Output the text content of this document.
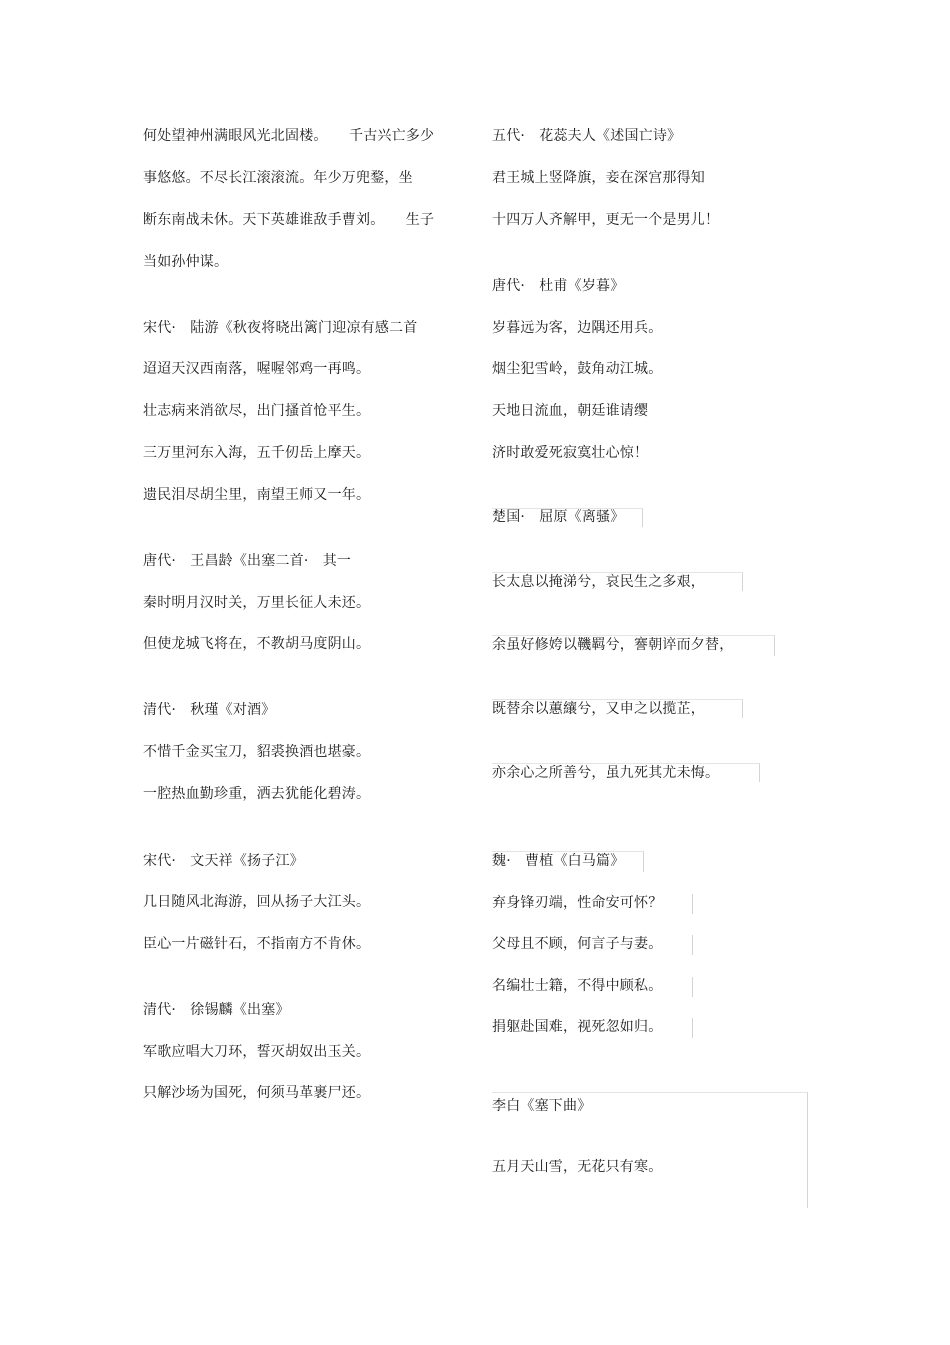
何处望神州满眼风光北固楼。　　千古兴亡多少
事悠悠。不尽长江滚滚流。年少万兜鍪，坐
断东南战未休。天下英雄谁敌手曹刘。　　生子
当如孙仲谋。
宋代·　陆游《秋夜将晓出篱门迎凉有感二首
迢迢天汉西南落，喔喔邻鸡一再鸣。
壮志病来消欲尽，出门搔首怆平生。
三万里河东入海，五千仞岳上摩天。
遗民泪尽胡尘里，南望王师又一年。
唐代·　王昌龄《出塞二首·　其一
秦时明月汉时关，万里长征人未还。
但使龙城飞将在，不教胡马度阴山。
清代·　秋瑾《对酒》
不惜千金买宝刀，貂裘换酒也堪豪。
一腔热血勤珍重，洒去犹能化碧涛。
宋代·　文天祥《扬子江》
几日随风北海游，回从扬子大江头。
臣心一片磁针石，不指南方不肯休。
清代·　徐锡麟《出塞》
军歌应唱大刀环，誓灭胡奴出玉关。
只解沙场为国死，何须马革裹尸还。
五代·　花蕊夫人《述国亡诗》
君王城上竖降旗，妾在深宫那得知
十四万人齐解甲，更无一个是男儿！
唐代·　杜甫《岁暮》
岁暮远为客，边隅还用兵。
烟尘犯雪岭，鼓角动江城。
天地日流血，朝廷谁请缨
济时敢爱死寂寞壮心惊！
楚国·　屈原《离骚》
长太息以掩涕兮，哀民生之多艰，
余虽好修姱以鞿羁兮，謇朝谇而夕替，
既替余以蕙纕兮，又申之以揽芷，
亦余心之所善兮，虽九死其尤未悔。
魏·　曹植《白马篇》
弃身锋刃端，性命安可怀？
父母且不顾，何言子与妻。
名编壮士籍，不得中顾私。
捐躯赴国难，视死忽如归。
李白《塞下曲》
五月天山雪，无花只有寒。
